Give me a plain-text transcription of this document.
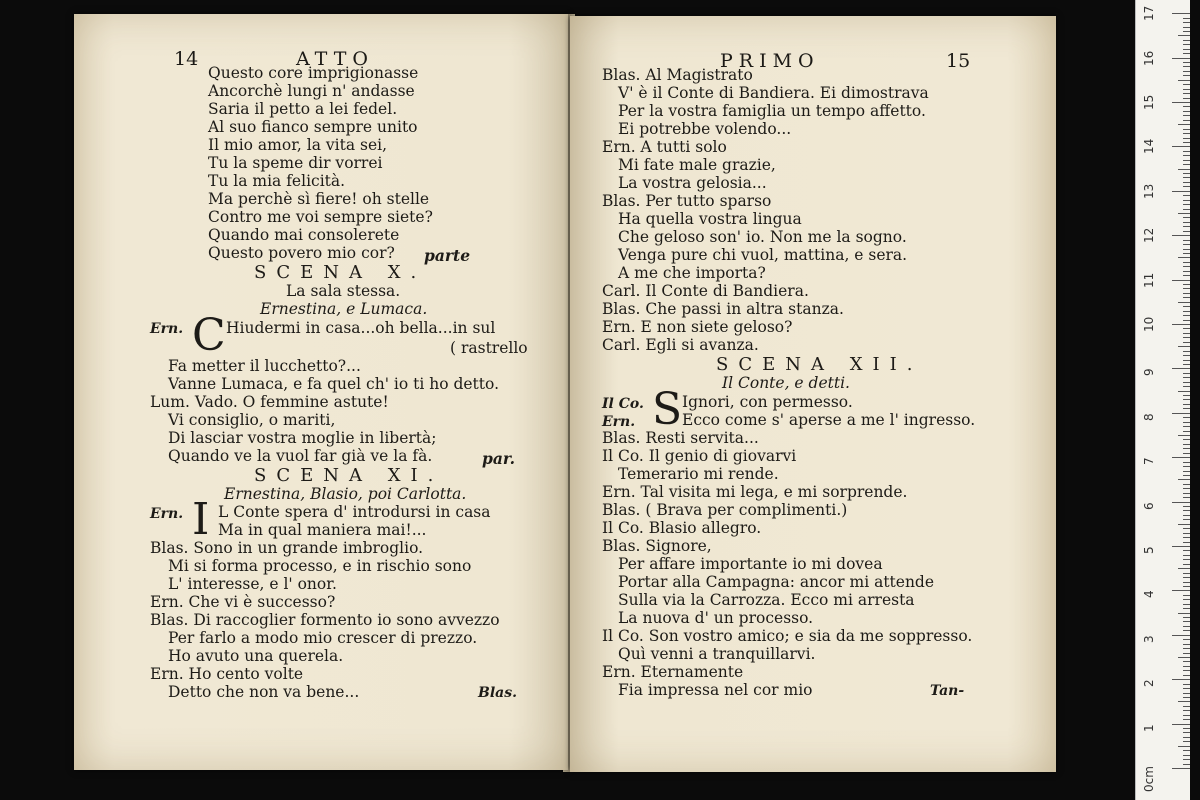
14	ATTO
Questo core imprigionasse
Ancorchè lungi n' andasse
Saria il petto a lei fedel.
Al suo fianco sempre unito
Il mio amor, la vita sei,
Tu la speme dir vorrei
Tu la mia felicità.
Ma perchè sì fiere! oh stelle
Contro me voi sempre siete?
Quando mai consolerete
Questo povero mio cor? parte
SCENA X.
La sala stessa.
Ernestina, e Lumaca.
Ern. C Hiudermi in casa...oh bella...in sul
( rastrello
Fa metter il lucchetto?...
Vanne Lumaca, e fa quel ch' io ti ho detto.
Lum. Vado. O femmine astute!
Vi consiglio, o mariti,
Di lasciar vostra moglie in libertà;
Quando ve la vuol far già ve la fà.	par.
SCENA XI.
Ernestina, Blasio, poi Carlotta.
Ern. I L Conte spera d' introdursi in casa
Ma in qual maniera mai!...
Blas. Sono in un grande imbroglio.
Mi si forma processo, e in rischio sono
L' interesse, e l' onor.
Ern. Che vi è successo?
Blas. Di raccoglier formento io sono avvezzo
Per farlo a modo mio crescer di prezzo.
Ho avuto una querela.
Ern. Ho cento volte
Detto che non va bene...	Blas.
PRIMO	15
Blas. Al Magistrato
V' è il Conte di Bandiera. Ei dimostrava
Per la vostra famiglia un tempo affetto.
Ei potrebbe volendo...
Ern. A tutti solo
Mi fate male grazie,
La vostra gelosia...
Blas. Per tutto sparso
Ha quella vostra lingua
Che geloso son' io. Non me la sogno.
Venga pure chi vuol, mattina, e sera.
A me che importa?
Carl. Il Conte di Bandiera.
Blas. Che passi in altra stanza.
Ern. E non siete geloso?
Carl. Egli si avanza.
SCENA XII.
Il Conte, e detti.
Il Co. S Ignori, con permesso.
Ern.	Ecco come s' aperse a me l' ingresso.
Blas. Resti servita...
Il Co. Il genio di giovarvi
Temerario mi rende.
Ern. Tal visita mi lega, e mi sorprende.
Blas. ( Brava per complimenti.)
Il Co. Blasio allegro.
Blas. Signore,
Per affare importante io mi dovea
Portar alla Campagna: ancor mi attende
Sulla via la Carrozza. Ecco mi arresta
La nuova d' un processo.
Il Co. Son vostro amico; e sia da me soppresso.
Quì venni a tranquillarvi.
Ern. Eternamente
Fia impressa nel cor mio	Tan-
0cm
1
2
3
4
5
6
7
8
9
10
11
12
13
14
15
16
17
